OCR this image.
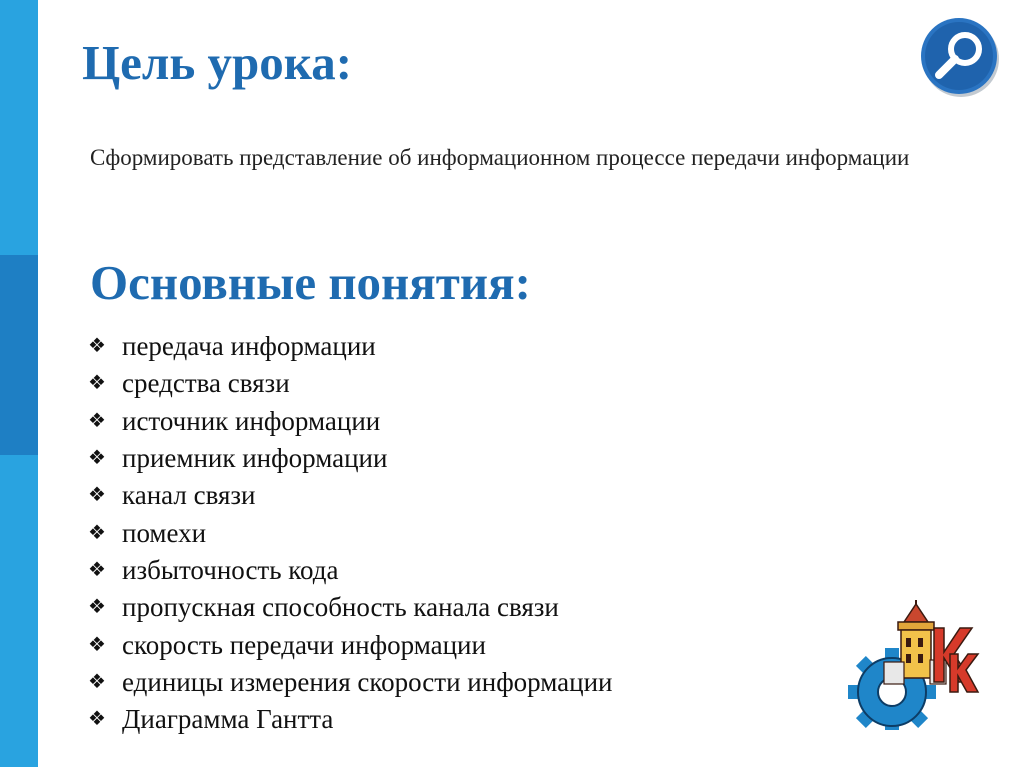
Цель урока:

Сформировать представление об информационном процессе передачи информации

Основные понятия:
❖ передача информации
❖ средства связи
❖ источник информации
❖ приемник информации
❖ канал связи
❖ помехи
❖ избыточность кода
❖ пропускная способность канала связи
❖ скорость передачи информации
❖ единицы измерения скорости информации
❖ Диаграмма Гантта
